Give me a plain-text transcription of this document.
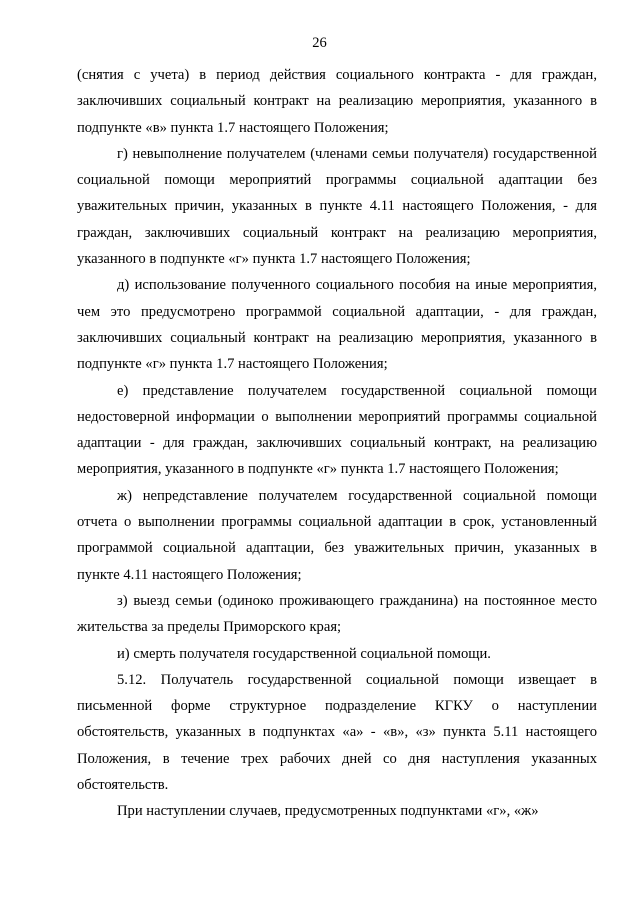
26

(снятия с учета) в период действия социального контракта - для граждан, заключивших социальный контракт на реализацию мероприятия, указанного в подпункте «в» пункта 1.7 настоящего Положения;

г) невыполнение получателем (членами семьи получателя) государственной социальной помощи мероприятий программы социальной адаптации без уважительных причин, указанных в пункте 4.11 настоящего Положения, - для граждан, заключивших социальный контракт на реализацию мероприятия, указанного в подпункте «г» пункта 1.7 настоящего Положения;

д) использование полученного социального пособия на иные мероприятия, чем это предусмотрено программой социальной адаптации, - для граждан, заключивших социальный контракт на реализацию мероприятия, указанного в подпункте «г» пункта 1.7 настоящего Положения;

е) представление получателем государственной социальной помощи недостоверной информации о выполнении мероприятий программы социальной адаптации - для граждан, заключивших социальный контракт, на реализацию мероприятия, указанного в подпункте «г» пункта 1.7 настоящего Положения;

ж) непредставление получателем государственной социальной помощи отчета о выполнении программы социальной адаптации в срок, установленный программой социальной адаптации, без уважительных причин, указанных в пункте 4.11 настоящего Положения;

з) выезд семьи (одиноко проживающего гражданина) на постоянное место жительства за пределы Приморского края;

и) смерть получателя государственной социальной помощи.

5.12. Получатель государственной социальной помощи извещает в письменной форме структурное подразделение КГКУ о наступлении обстоятельств, указанных в подпунктах «а» - «в», «з» пункта 5.11 настоящего Положения, в течение трех рабочих дней со дня наступления указанных обстоятельств.

При наступлении случаев, предусмотренных подпунктами «г», «ж»
